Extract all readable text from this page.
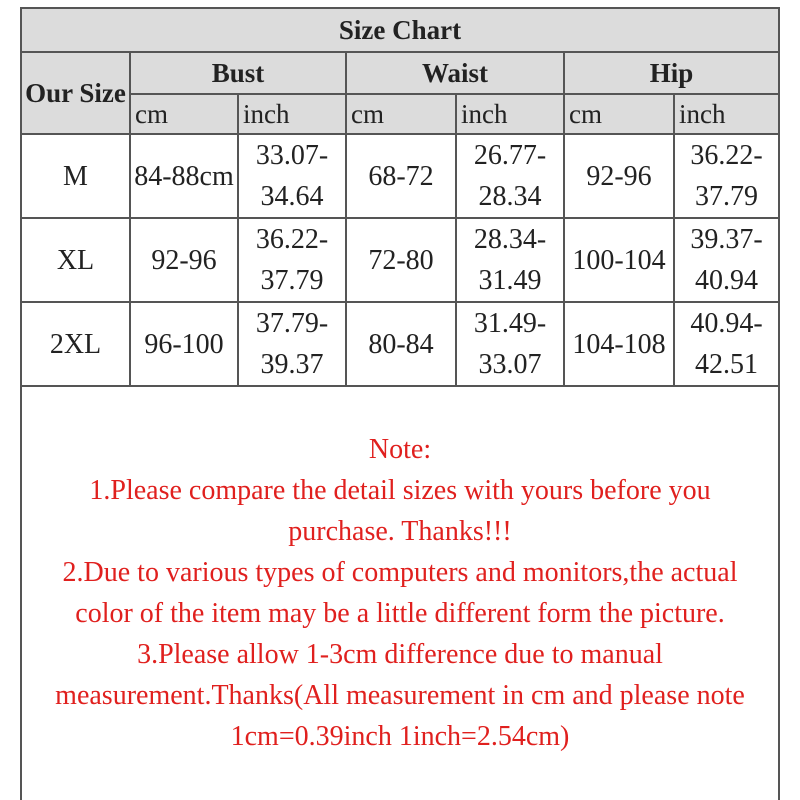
Size Chart						
Our Size	Bust		Waist		Hip	
	cm	inch	cm	inch	cm	inch
M	84-88cm	33.07-34.64	68-72	26.77-28.34	92-96	36.22-37.79
XL	92-96	36.22-37.79	72-80	28.34-31.49	100-104	39.37-40.94
2XL	96-100	37.79-39.37	80-84	31.49-33.07	104-108	40.94-42.51

Note:

1.Please compare the detail sizes with yours before you purchase. Thanks!!!

2.Due to various types of computers and monitors,the actual color of the item may be a little different form the picture.

3.Please allow 1-3cm difference due to manual measurement.Thanks(All measurement in cm and please note 1cm=0.39inch 1inch=2.54cm)
